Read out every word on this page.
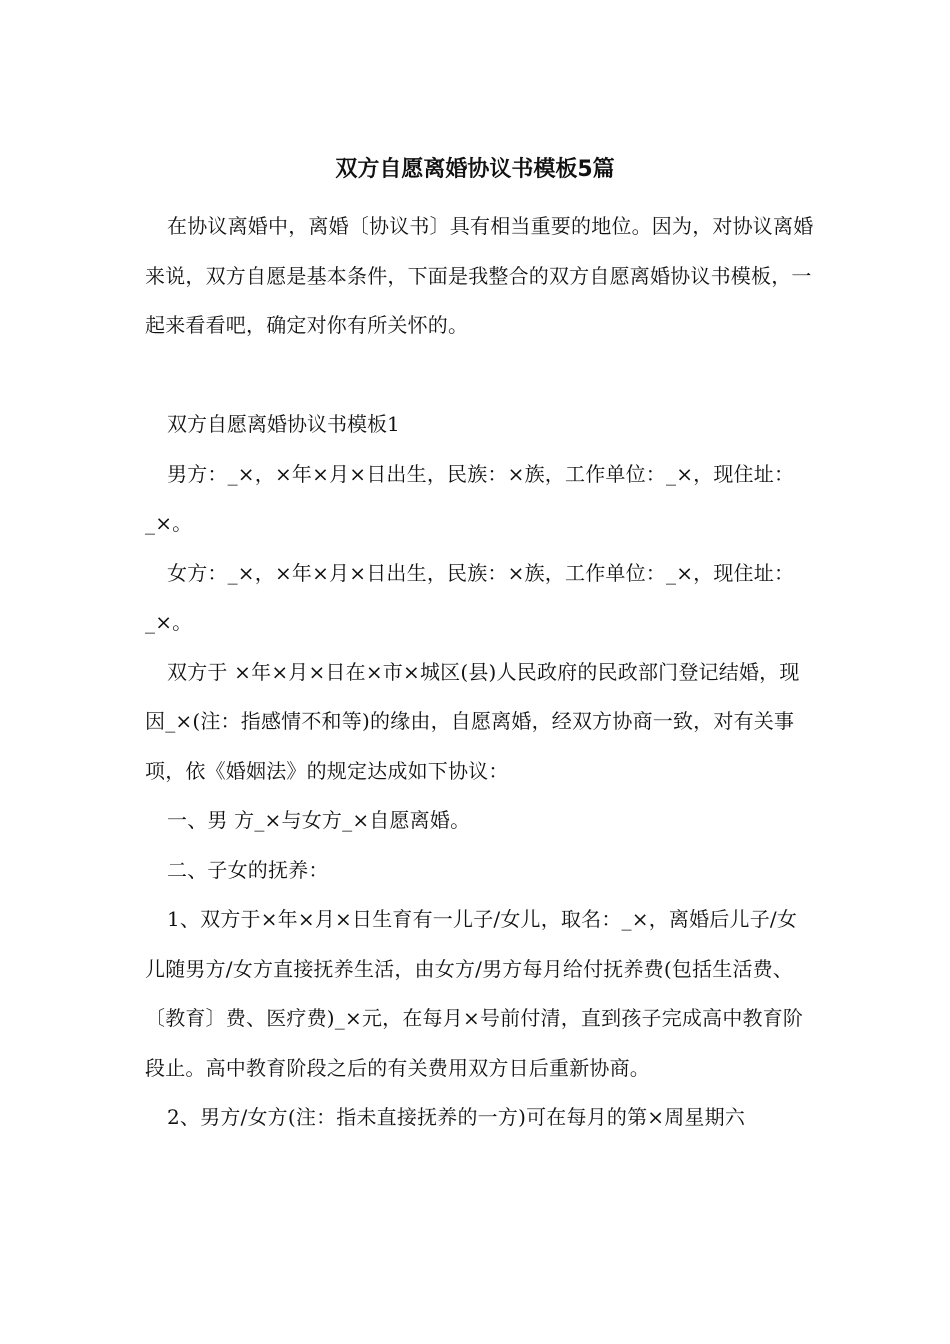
双方自愿离婚协议书模板5篇

在协议离婚中，离婚〔协议书〕具有相当重要的地位。因为，对协议离婚来说，双方自愿是基本条件，下面是我整合的双方自愿离婚协议书模板，一起来看看吧，确定对你有所关怀的。

双方自愿离婚协议书模板1

男方：_×，×年×月×日出生，民族：×族，工作单位：_×，现住址：_×。

女方：_×，×年×月×日出生，民族：×族，工作单位：_×，现住址：_×。

双方于 ×年×月×日在×市×城区(县)人民政府的民政部门登记结婚，现因_×(注：指感情不和等)的缘由，自愿离婚，经双方协商一致，对有关事项，依《婚姻法》的规定达成如下协议：

一、男 方_×与女方_×自愿离婚。

二、子女的抚养：

1、双方于×年×月×日生育有一儿子/女儿，取名：_×，离婚后儿子/女儿随男方/女方直接抚养生活，由女方/男方每月给付抚养费(包括生活费、〔教育〕费、医疗费)_×元，在每月×号前付清，直到孩子完成高中教育阶段止。高中教育阶段之后的有关费用双方日后重新协商。

2、男方/女方(注：指未直接抚养的一方)可在每月的第×周星期六
